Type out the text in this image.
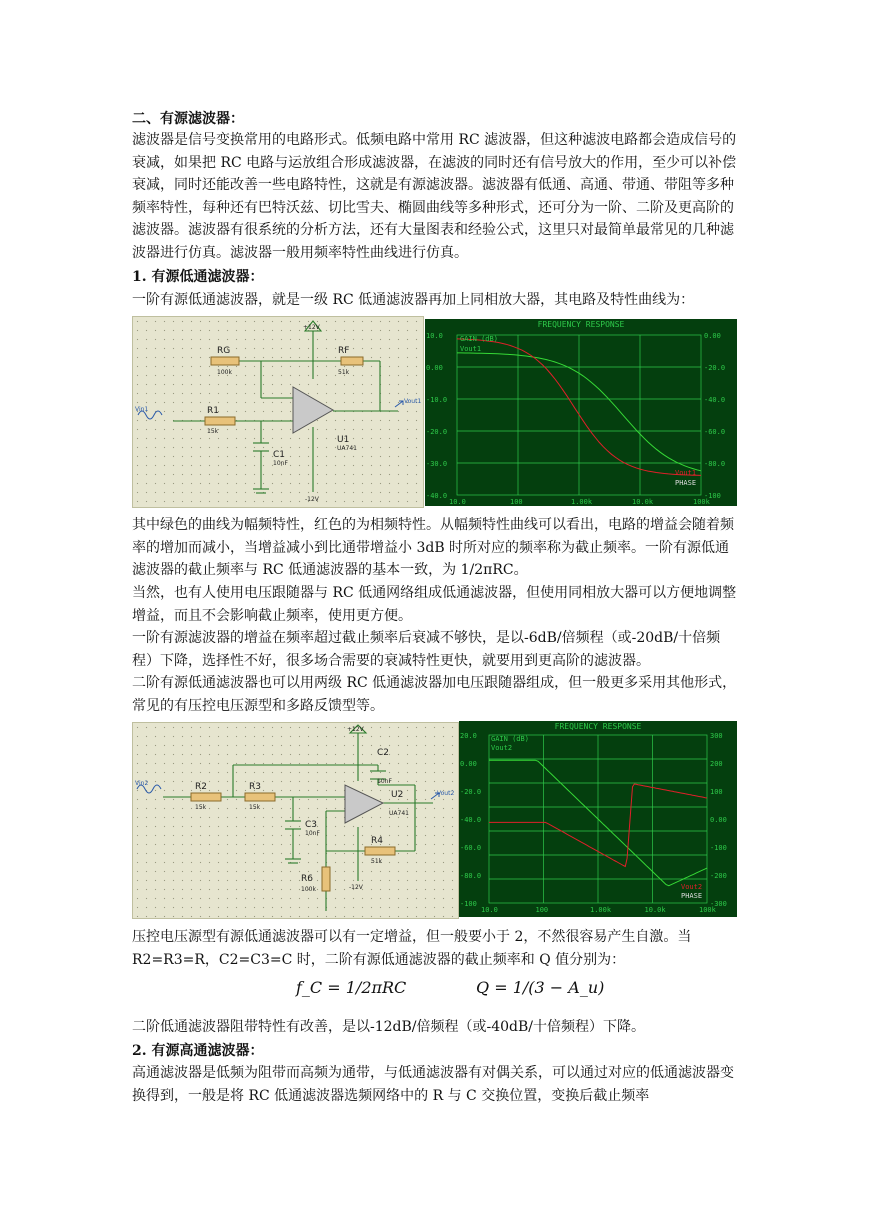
二、有源滤波器：

滤波器是信号变换常用的电路形式。低频电路中常用 RC 滤波器，但这种滤波电路都会造成信号的衰减，如果把 RC 电路与运放组合形成滤波器，在滤波的同时还有信号放大的作用，至少可以补偿衰减，同时还能改善一些电路特性，这就是有源滤波器。滤波器有低通、高通、带通、带阻等多种频率特性，每种还有巴特沃兹、切比雪夫、椭圆曲线等多种形式，还可分为一阶、二阶及更高阶的滤波器。滤波器有很系统的分析方法，还有大量图表和经验公式，这里只对最简单最常见的几种滤波器进行仿真。滤波器一般用频率特性曲线进行仿真。

1. 有源低通滤波器：

一阶有源低通滤波器，就是一级 RC 低通滤波器再加上同相放大器，其电路及特性曲线为：

+12V
-12V
RG
100k
RF
51k
R1
15k
C1
10nF
U1
UA741
Vin1
Vout1
FREQUENCY RESPONSE
10.0
0.00
-10.0
-20.0
-30.0
-40.0
0.00
-20.0
-40.0
-60.0
-80.0
-100
10.0	100	1.00k	10.0k	100k
GAIN (dB)
Vout1
Vout1
PHASE

其中绿色的曲线为幅频特性，红色的为相频特性。从幅频特性曲线可以看出，电路的增益会随着频率的增加而减小，当增益减小到比通带增益小 3dB 时所对应的频率称为截止频率。一阶有源低通滤波器的截止频率与 RC 低通滤波器的基本一致，为 1/2πRC。

当然，也有人使用电压跟随器与 RC 低通网络组成低通滤波器，但使用同相放大器可以方便地调整增益，而且不会影响截止频率，使用更方便。

一阶有源滤波器的增益在频率超过截止频率后衰减不够快，是以-6dB/倍频程（或-20dB/十倍频程）下降，选择性不好，很多场合需要的衰减特性更快，就要用到更高阶的滤波器。

二阶有源低通滤波器也可以用两级 RC 低通滤波器加电压跟随器组成，但一般更多采用其他形式，常见的有压控电压源型和多路反馈型等。

+12V
-12V
R2
15k
R3
15k
C2
10nF
C3
10nF
R4
51k
R6
100k
U2
UA741
Vin2
Vout2
FREQUENCY RESPONSE
20.0
0.00
-20.0
-40.0
-60.0
-80.0
-100
300
200
100
0.00
-100
-200
-300
10.0	100	1.00k	10.0k	100k
GAIN (dB)
Vout2
Vout2
PHASE

压控电压源型有源低通滤波器可以有一定增益，但一般要小于 2，不然很容易产生自激。当 R2=R3=R，C2=C3=C 时，二阶有源低通滤波器的截止频率和 Q 值分别为：

f_C = 1/2πRC	Q = 1/(3 − A_u)

二阶低通滤波器阻带特性有改善，是以-12dB/倍频程（或-40dB/十倍频程）下降。

2. 有源高通滤波器：

高通滤波器是低频为阻带而高频为通带，与低通滤波器有对偶关系，可以通过对应的低通滤波器变换得到，一般是将 RC 低通滤波器选频网络中的 R 与 C 交换位置，变换后截止频率
